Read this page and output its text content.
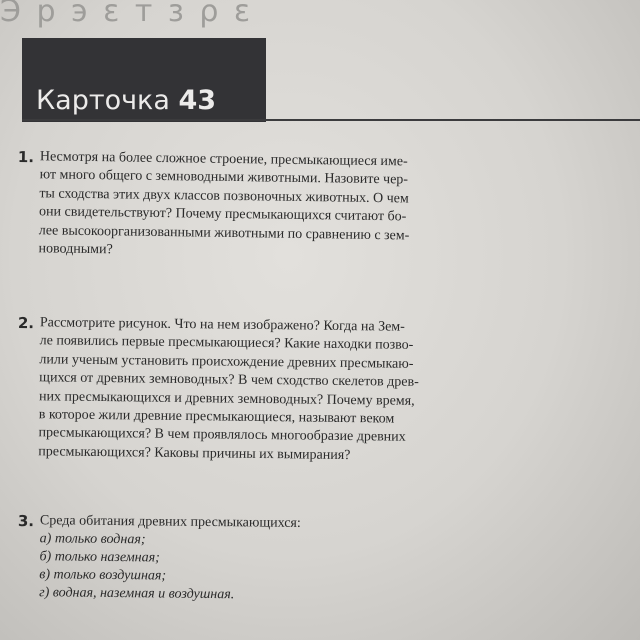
Э р э ε т з ρ ε
Карточка 43
1. Несмотря на более сложное строение, пресмыкающиеся име-
ют много общего с земноводными животными. Назовите чер-
ты сходства этих двух классов позвоночных животных. О чем
они свидетельствуют? Почему пресмыкающихся считают бо-
лее высокоорганизованными животными по сравнению с зем-
новодными?
2. Рассмотрите рисунок. Что на нем изображено? Когда на Зем-
ле появились первые пресмыкающиеся? Какие находки позво-
лили ученым установить происхождение древних пресмыкаю-
щихся от древних земноводных? В чем сходство скелетов древ-
них пресмыкающихся и древних земноводных? Почему время,
в которое жили древние пресмыкающиеся, называют веком
пресмыкающихся? В чем проявлялось многообразие древних
пресмыкающихся? Каковы причины их вымирания?
3. Среда обитания древних пресмыкающихся:
а) только водная;
б) только наземная;
в) только воздушная;
г) водная, наземная и воздушная.
